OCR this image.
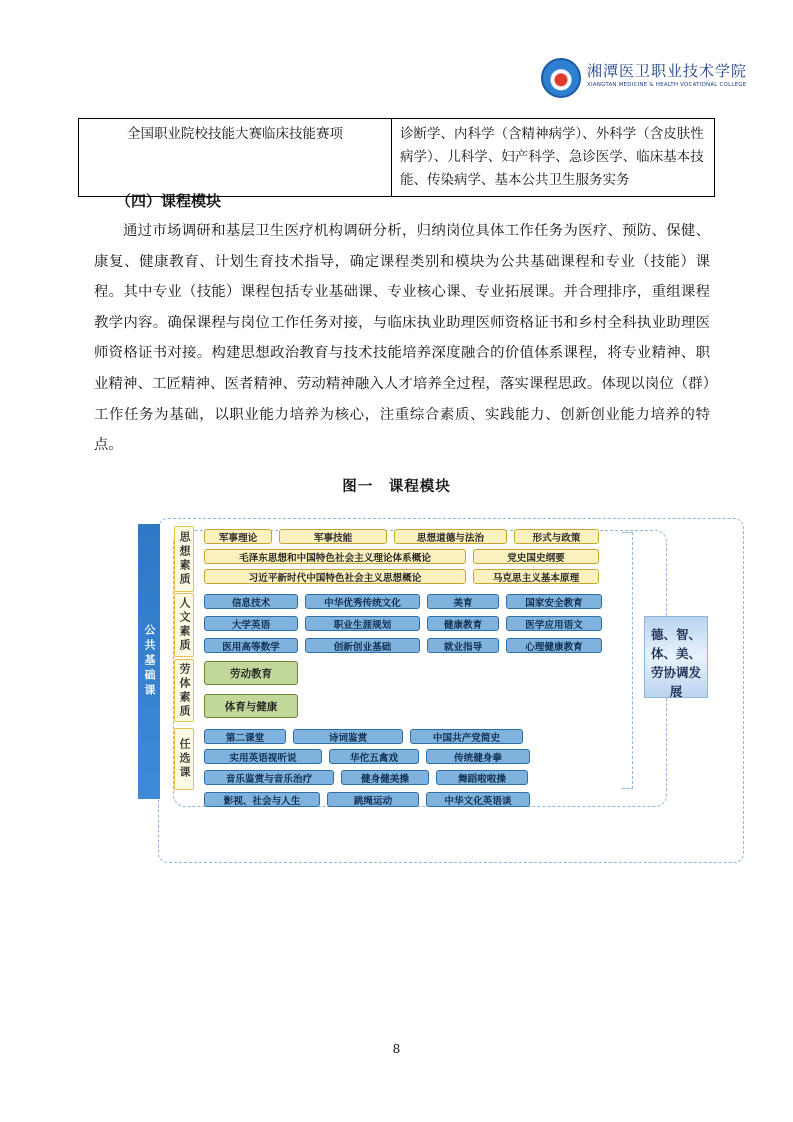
湘潭医卫职业技术学院
XIANGTAN MEDICINE & HEALTH VOCATIONAL COLLEGE
全国职业院校技能大赛临床技能赛项	诊断学、内科学（含精神病学）、外科学（含皮肤性病学）、儿科学、妇产科学、急诊医学、临床基本技能、传染病学、基本公共卫生服务实务
（四）课程模块
通过市场调研和基层卫生医疗机构调研分析，归纳岗位具体工作任务为医疗、预防、保健、康复、健康教育、计划生育技术指导，确定课程类别和模块为公共基础课程和专业（技能）课程。其中专业（技能）课程包括专业基础课、专业核心课、专业拓展课。并合理排序，重组课程教学内容。确保课程与岗位工作任务对接，与临床执业助理医师资格证书和乡村全科执业助理医师资格证书对接。构建思想政治教育与技术技能培养深度融合的价值体系课程，将专业精神、职业精神、工匠精神、医者精神、劳动精神融入人才培养全过程，落实课程思政。体现以岗位（群）工作任务为基础，以职业能力培养为核心，注重综合素质、实践能力、创新创业能力培养的特点。
图一　课程模块
公共基础课
思想素质
人文素质
劳体素质
任选课
军事理论	军事技能	思想道德与法治	形式与政策
毛泽东思想和中国特色社会主义理论体系概论	党史国史纲要
习近平新时代中国特色社会主义思想概论	马克思主义基本原理
信息技术	中华优秀传统文化	美育	国家安全教育
大学英语	职业生涯规划	健康教育	医学应用语文
医用高等数学	创新创业基础	就业指导	心理健康教育
劳动教育
体育与健康
第二课堂	诗词鉴赏	中国共产党简史
实用英语视听说	华佗五禽戏	传统健身拳
音乐鉴赏与音乐治疗	健身健美操	舞蹈啦啦操
影视、社会与人生	跳绳运动	中华文化英语谈
德、智、体、美、劳协调发展
8
